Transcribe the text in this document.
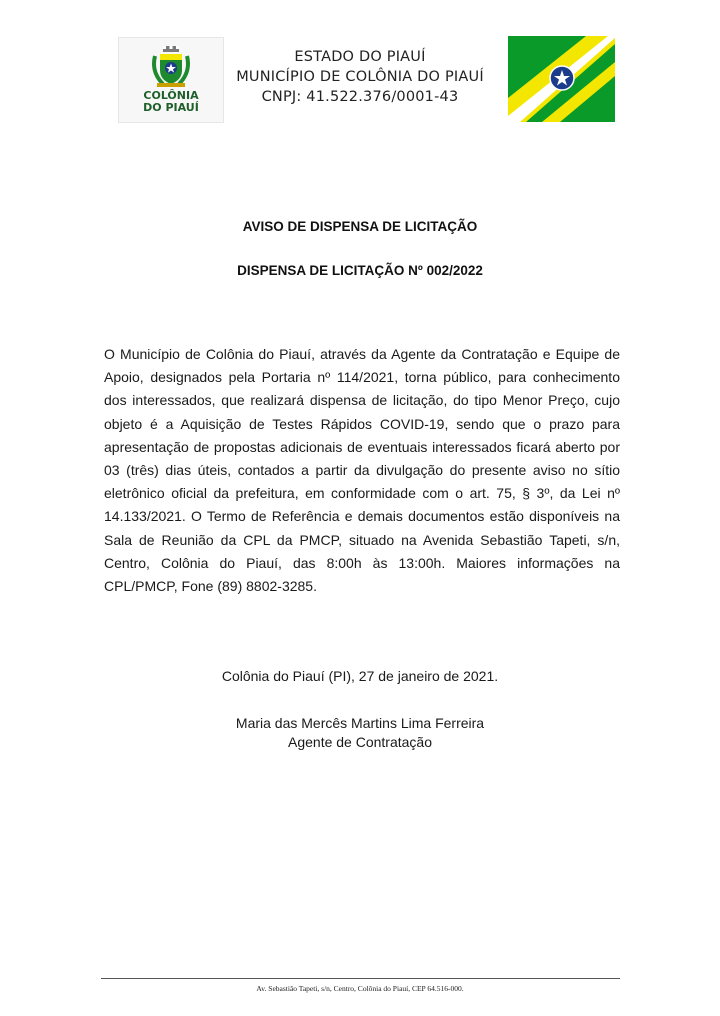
COLÔNIA
DO PIAUÍ
ESTADO DO PIAUÍ
MUNICÍPIO DE COLÔNIA DO PIAUÍ
CNPJ: 41.522.376/0001-43
AVISO DE DISPENSA DE LICITAÇÃO
DISPENSA DE LICITAÇÃO Nº 002/2022
O Município de Colônia do Piauí, através da Agente da Contratação e Equipe de Apoio, designados pela Portaria nº 114/2021, torna público, para conhecimento dos interessados, que realizará dispensa de licitação, do tipo Menor Preço, cujo objeto é a Aquisição de Testes Rápidos COVID-19, sendo que o prazo para apresentação de propostas adicionais de eventuais interessados ficará aberto por 03 (três) dias úteis, contados a partir da divulgação do presente aviso no sítio eletrônico oficial da prefeitura, em conformidade com o art. 75, § 3º, da Lei nº 14.133/2021. O Termo de Referência e demais documentos estão disponíveis na Sala de Reunião da CPL da PMCP, situado na Avenida Sebastião Tapeti, s/n, Centro, Colônia do Piauí, das 8:00h às 13:00h. Maiores informações na CPL/PMCP, Fone (89) 8802-3285.
Colônia do Piauí (PI), 27 de janeiro de 2021.
Maria das Mercês Martins Lima Ferreira
Agente de Contratação
Av. Sebastião Tapeti, s/n, Centro, Colônia do Piauí, CEP 64.516-000.
